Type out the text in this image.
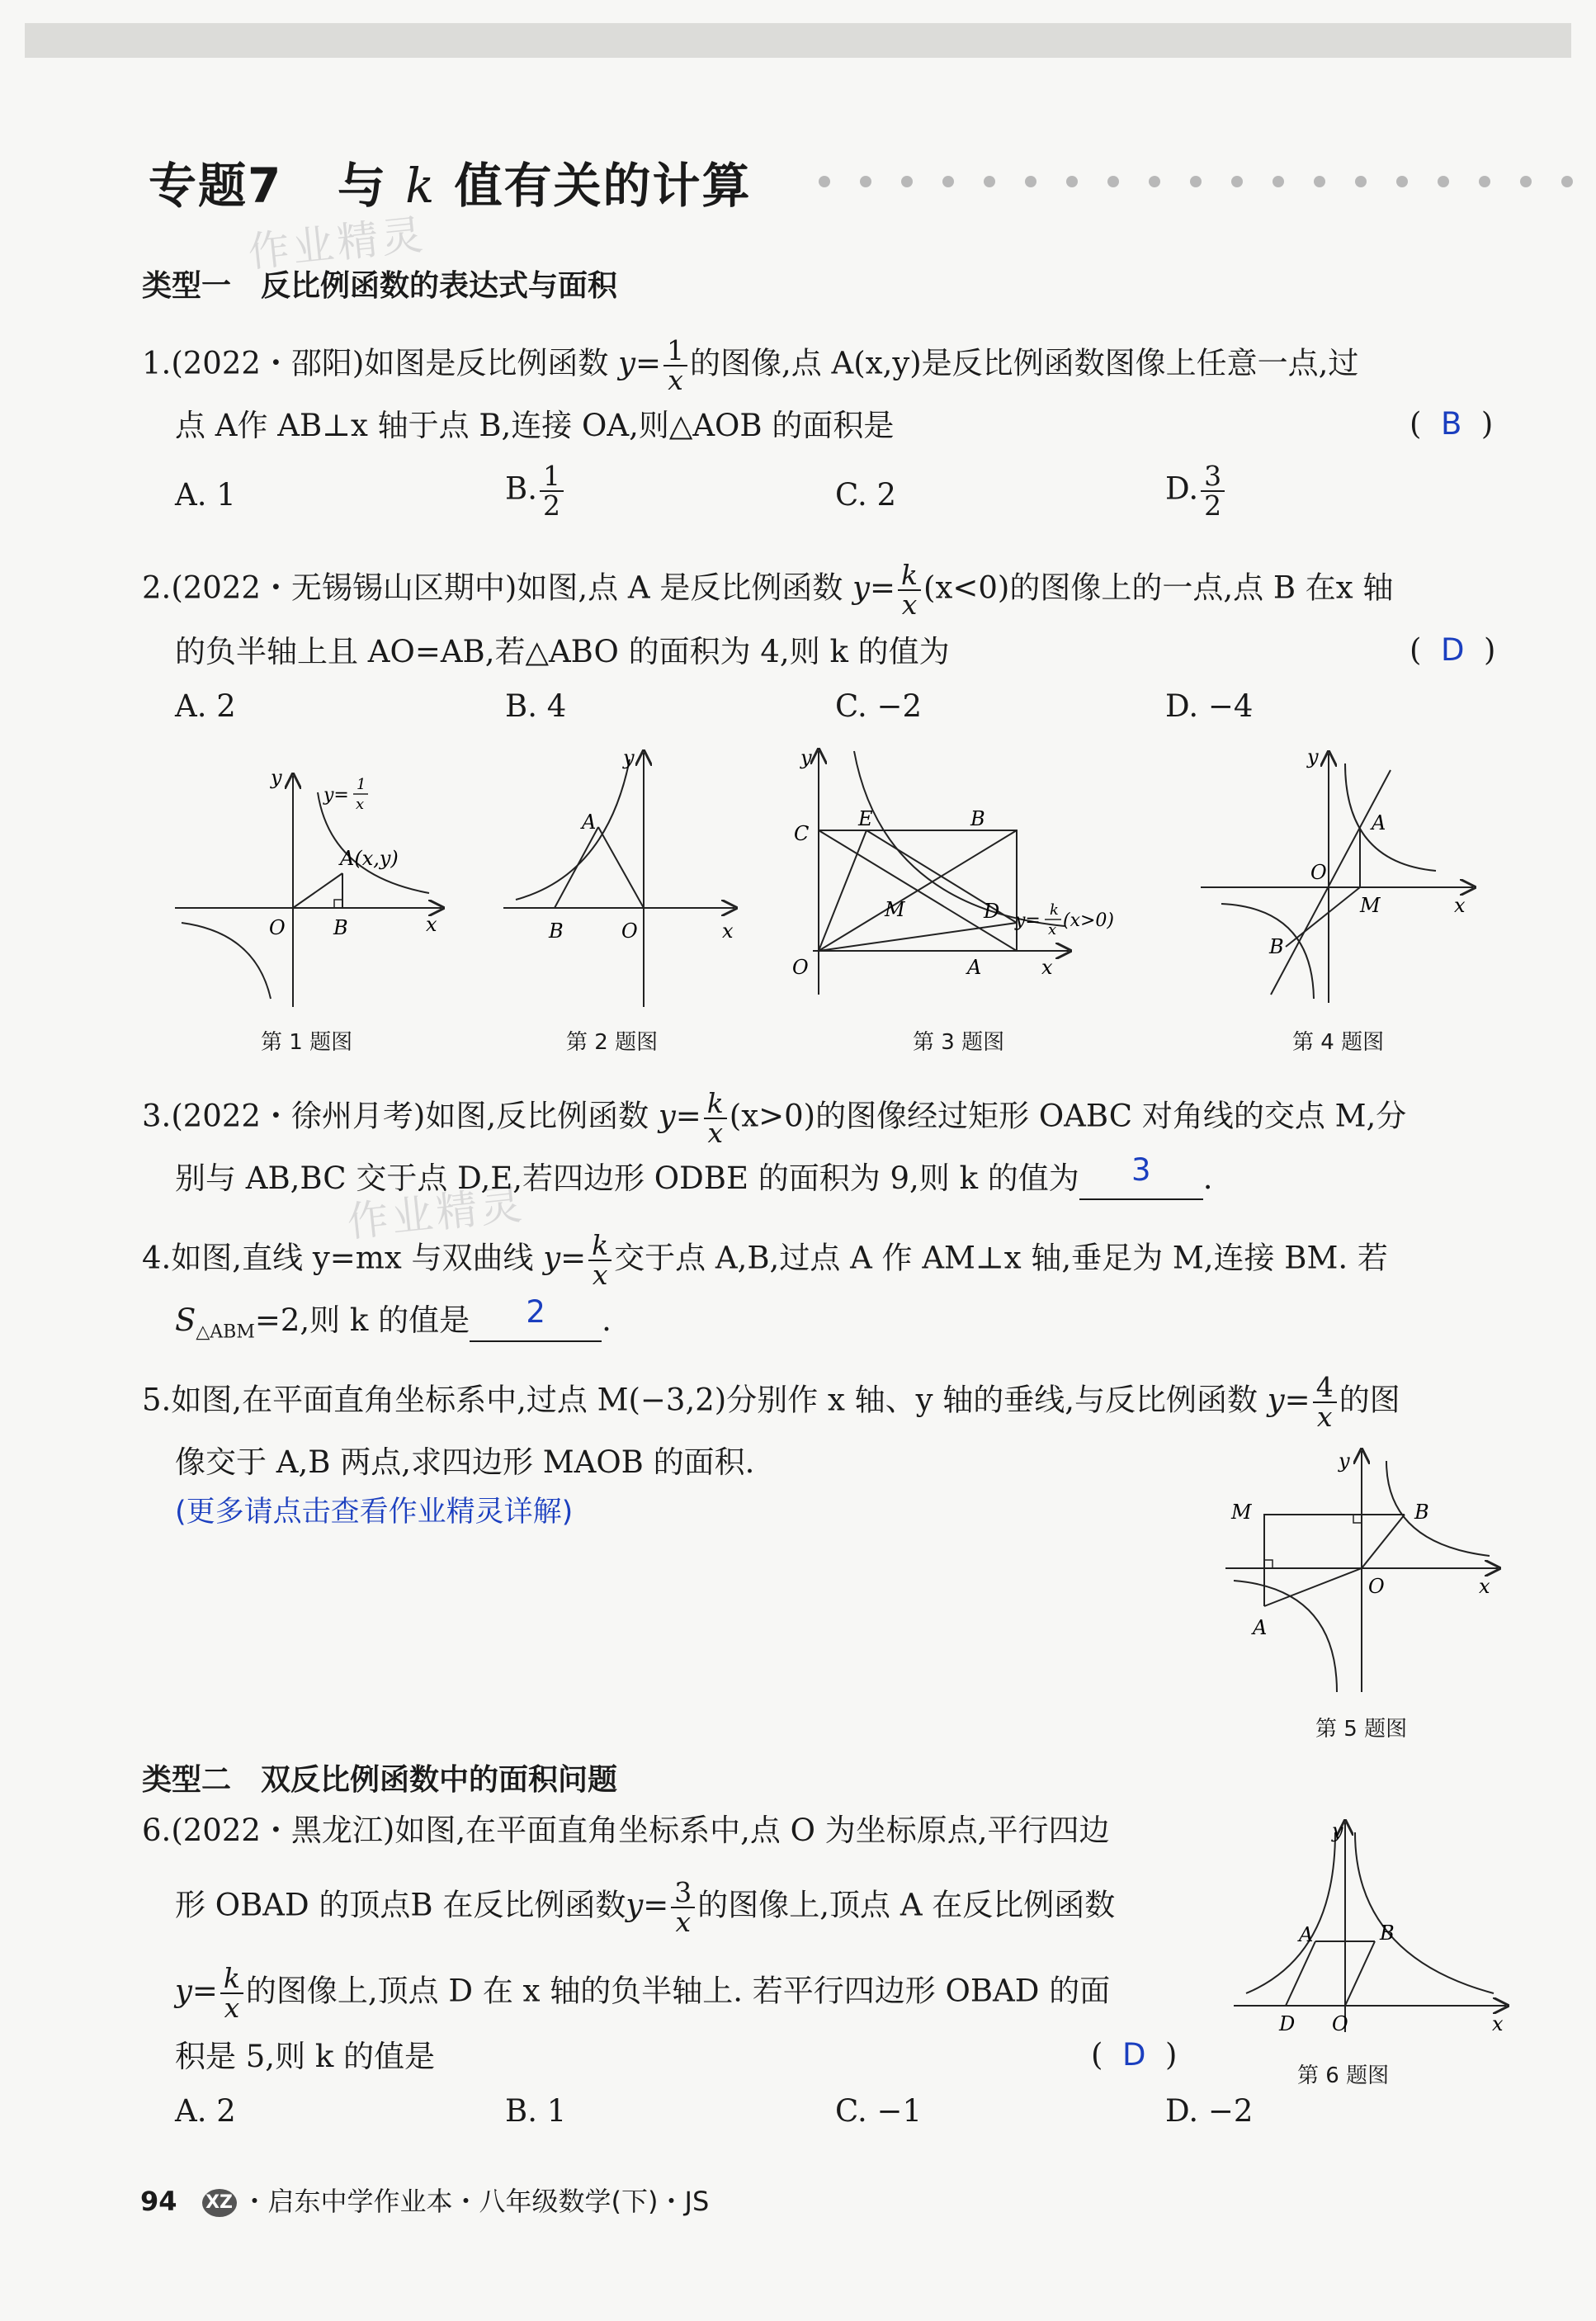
专题7 与 k 值有关的计算
作业精灵
作业精灵
类型一　反比例函数的表达式与面积
1.(2022・邵阳)如图是反比例函数 $y= \frac{1}{x}$ 的图像,点 A(x,y)是反比例函数图像上任意一点,过
点 A作 AB⊥x 轴于点 B,连接 OA,则△AOB 的面积是	(  B  )
A. 1	B. $\frac{1}{2}$	C. 2	D. $\frac{3}{2}$
2.(2022・无锡锡山区期中)如图,点 A 是反比例函数 $y= \frac{k}{x} (x<0)$的图像上的一点,点 B 在x 轴
的负半轴上且 AO=AB,若△ABO 的面积为 4,则 k 的值为	(  D  )
A. 2	B. 4	C. −2	D. −4
y
x
O B
A(x,y)
y=
1
x
第 1 题图
y
x
O
B
A
第 2 题图
y
x
O	A
B
C
E
M	D y=
k
x (x>0)
第 3 题图
y
x
O
A
M
B
第 4 题图
3.(2022・徐州月考)如图,反比例函数 $y= \frac{k}{x} (x>0)$的图像经过矩形 OABC 对角线的交点 M,分
别与 AB,BC 交于点 D,E,若四边形 ODBE 的面积为 9,则 k 的值为 3 .
4.如图,直线 y=mx 与双曲线 $y= \frac{k}{x}$ 交于点 A,B,过点 A 作 AM⊥x 轴,垂足为 M,连接 BM. 若
$S_{\triangle ABM}=2$,则 k 的值是 2 .
5.如图,在平面直角坐标系中,过点 M(−3,2)分别作 x 轴、y 轴的垂线,与反比例函数 $y= \frac{4}{x}$ 的图
像交于 A,B 两点,求四边形 MAOB 的面积.
(更多请点击查看作业精灵详解)
y
x
O
B
M
A
第 5 题图
类型二　双反比例函数中的面积问题
6.(2022・黑龙江)如图,在平面直角坐标系中,点 O 为坐标原点,平行四边
形 OBAD 的顶点B 在反比例函数$y= \frac{3}{x}$ 的图像上,顶点 A 在反比例函数
$y= \frac{k}{x}$ 的图像上,顶点 D 在 x 轴的负半轴上. 若平行四边形 OBAD 的面
积是 5,则 k 的值是	(  D  )
A. 2	B. 1	C. −1	D. −2
y
x
O
D
A	B
第 6 题图
94 XZ ・启东中学作业本・八年级数学(下)・JS
